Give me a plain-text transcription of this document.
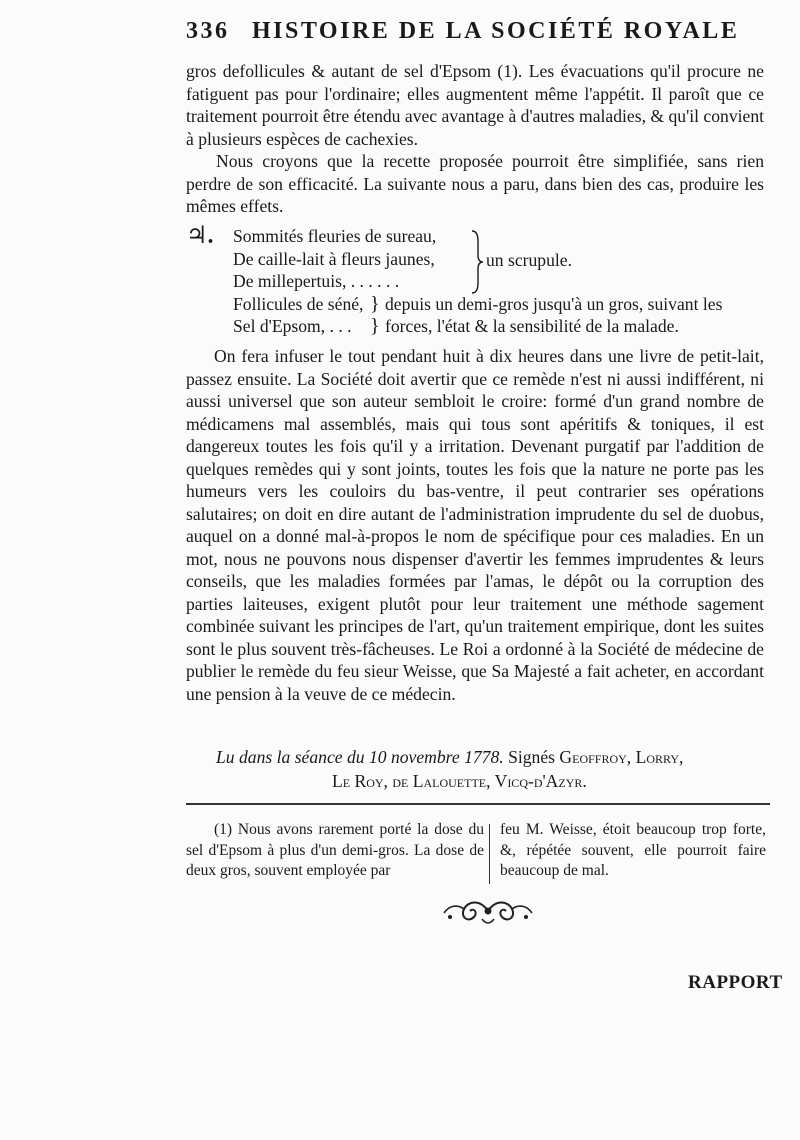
336 HISTOIRE DE LA SOCIÉTÉ ROYALE
gros defollicules & autant de sel d'Epsom (1). Les évacuations qu'il procure ne fatiguent pas pour l'ordinaire; elles augmentent même l'appétit. Il paroît que ce traitement pourroit être étendu avec avantage à d'autres maladies, & qu'il convient à plusieurs espèces de cachexies.
Nous croyons que la recette proposée pourroit être simplifiée, sans rien perdre de son efficacité. La suivante nous a paru, dans bien des cas, produire les mêmes effets.
♃. Sommités fleuries de sureau,
De caille-lait à fleurs jaunes,
De millepertuis, . . . . . .
Follicules de séné, } depuis un demi-gros jusqu'à un gros, suivant les
Sel d'Epsom, . . . } forces, l'état & la sensibilité de la malade.
un scrupule.
On fera infuser le tout pendant huit à dix heures dans une livre de petit-lait, passez ensuite. La Société doit avertir que ce remède n'est ni aussi indifférent, ni aussi universel que son auteur sembloit le croire: formé d'un grand nombre de médicamens mal assemblés, mais qui tous sont apéritifs & toniques, il est dangereux toutes les fois qu'il y a irritation. Devenant purgatif par l'addition de quelques remèdes qui y sont joints, toutes les fois que la nature ne porte pas les humeurs vers les couloirs du bas-ventre, il peut contrarier ses opérations salutaires; on doit en dire autant de l'administration imprudente du sel de duobus, auquel on a donné mal-à-propos le nom de spécifique pour ces maladies. En un mot, nous ne pouvons nous dispenser d'avertir les femmes imprudentes & leurs conseils, que les maladies formées par l'amas, le dépôt ou la corruption des parties laiteuses, exigent plutôt pour leur traitement une méthode sagement combinée suivant les principes de l'art, qu'un traitement empirique, dont les suites sont le plus souvent très-fâcheuses. Le Roi a ordonné à la Société de médecine de publier le remède du feu sieur Weisse, que Sa Majesté a fait acheter, en accordant une pension à la veuve de ce médecin.
Lu dans la séance du 10 novembre 1778. Signés Geoffroy, Lorry,
Le Roy, de Lalouette, Vicq-d'Azyr.
(1) Nous avons rarement porté la dose du sel d'Epsom à plus d'un demi-gros. La dose de deux gros, souvent employée par
feu M. Weisse, étoit beaucoup trop forte, &, répétée souvent, elle pourroit faire beaucoup de mal.
RAPPORT
